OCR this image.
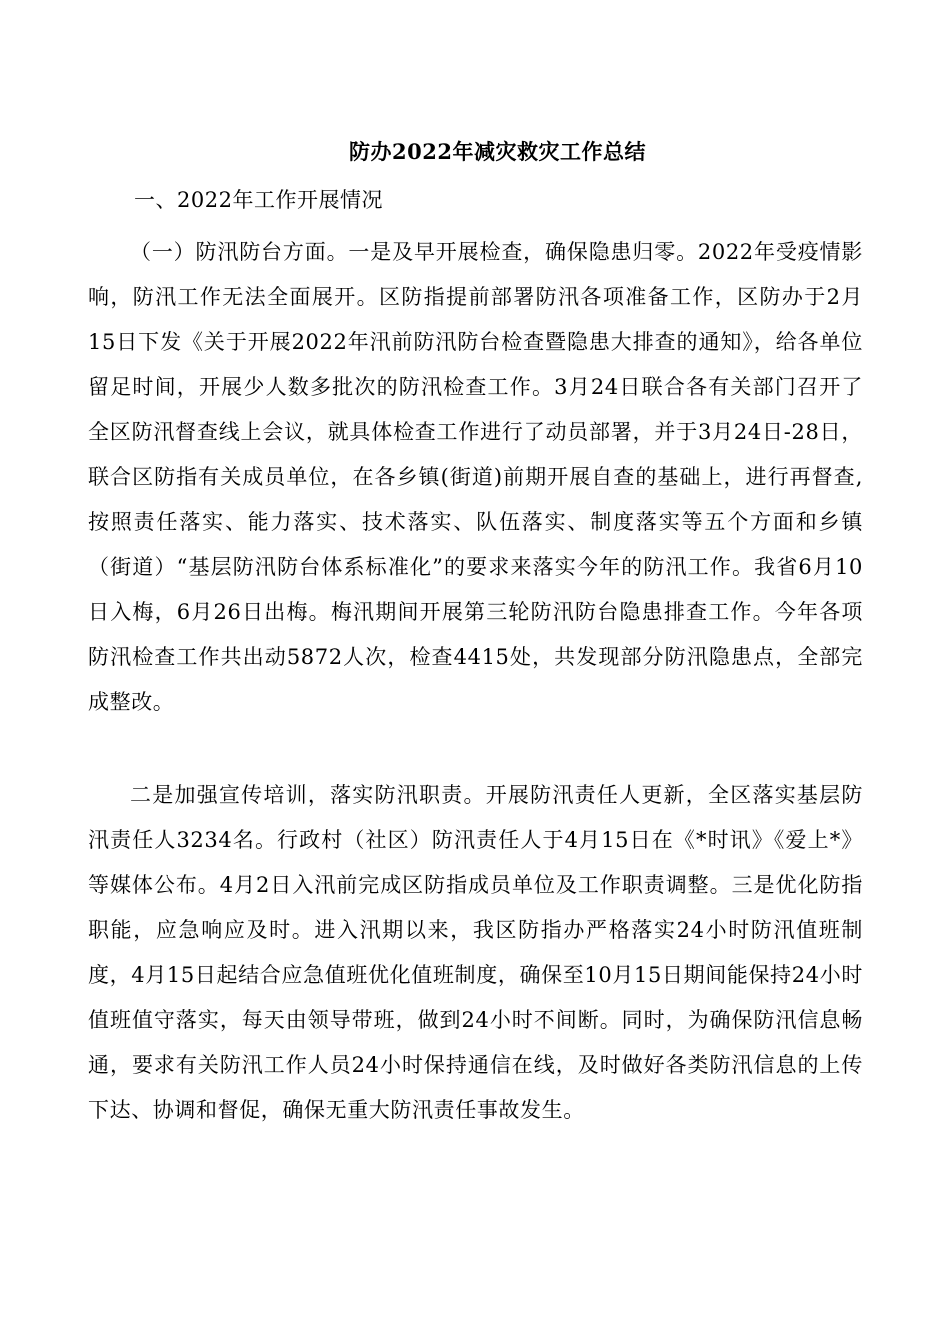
防办2022年减灾救灾工作总结
一、2022年工作开展情况
（一）防汛防台方面。一是及早开展检查，确保隐患归零。2022年受疫情影响，防汛工作无法全面展开。区防指提前部署防汛各项准备工作，区防办于2月15日下发《关于开展2022年汛前防汛防台检查暨隐患大排查的通知》，给各单位留足时间，开展少人数多批次的防汛检查工作。3月24日联合各有关部门召开了全区防汛督查线上会议，就具体检查工作进行了动员部署，并于3月24日-28日，联合区防指有关成员单位，在各乡镇(街道)前期开展自查的基础上，进行再督查,按照责任落实、能力落实、技术落实、队伍落实、制度落实等五个方面和乡镇（街道）“基层防汛防台体系标准化”的要求来落实今年的防汛工作。我省6月10日入梅，6月26日出梅。梅汛期间开展第三轮防汛防台隐患排查工作。今年各项防汛检查工作共出动5872人次，检查4415处，共发现部分防汛隐患点，全部完成整改。
二是加强宣传培训，落实防汛职责。开展防汛责任人更新，全区落实基层防汛责任人3234名。行政村（社区）防汛责任人于4月15日在《*时讯》《爱上*》等媒体公布。4月2日入汛前完成区防指成员单位及工作职责调整。三是优化防指职能，应急响应及时。进入汛期以来，我区防指办严格落实24小时防汛值班制度，4月15日起结合应急值班优化值班制度，确保至10月15日期间能保持24小时值班值守落实，每天由领导带班，做到24小时不间断。同时，为确保防汛信息畅通，要求有关防汛工作人员24小时保持通信在线，及时做好各类防汛信息的上传下达、协调和督促，确保无重大防汛责任事故发生。
